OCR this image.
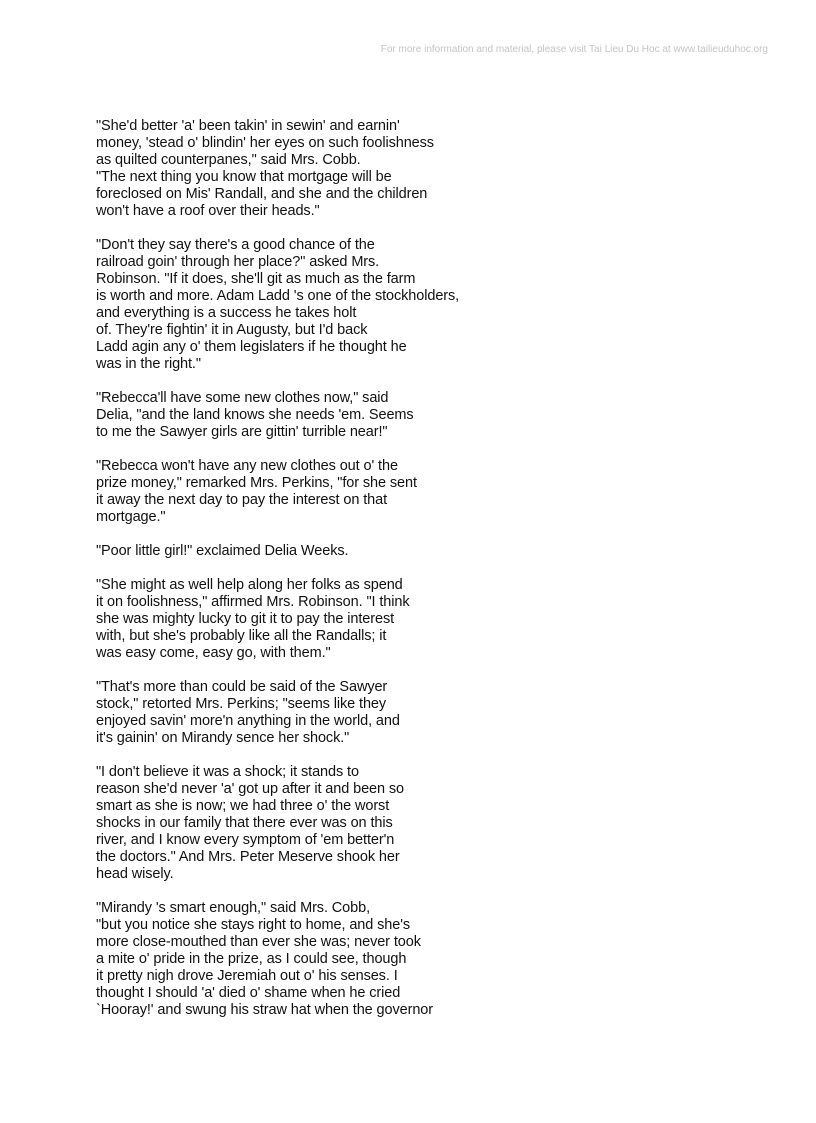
For more information and material, please visit Tai Lieu Du Hoc at www.tailieuduhoc.org

"She'd better 'a' been takin' in sewin' and earnin'
money, 'stead o' blindin' her eyes on such foolishness
as quilted counterpanes," said Mrs. Cobb.
"The next thing you know that mortgage will be
foreclosed on Mis' Randall, and she and the children
won't have a roof over their heads."

"Don't they say there's a good chance of the
railroad goin' through her place?" asked Mrs.
Robinson. "If it does, she'll git as much as the farm
is worth and more. Adam Ladd 's one of the stockholders,
and everything is a success he takes holt
of. They're fightin' it in Augusty, but I'd back
Ladd agin any o' them legislaters if he thought he
was in the right."

"Rebecca'll have some new clothes now," said
Delia, "and the land knows she needs 'em. Seems
to me the Sawyer girls are gittin' turrible near!"

"Rebecca won't have any new clothes out o' the
prize money," remarked Mrs. Perkins, "for she sent
it away the next day to pay the interest on that
mortgage."

"Poor little girl!" exclaimed Delia Weeks.

"She might as well help along her folks as spend
it on foolishness," affirmed Mrs. Robinson. "I think
she was mighty lucky to git it to pay the interest
with, but she's probably like all the Randalls; it
was easy come, easy go, with them."

"That's more than could be said of the Sawyer
stock," retorted Mrs. Perkins; "seems like they
enjoyed savin' more'n anything in the world, and
it's gainin' on Mirandy sence her shock."

"I don't believe it was a shock; it stands to
reason she'd never 'a' got up after it and been so
smart as she is now; we had three o' the worst
shocks in our family that there ever was on this
river, and I know every symptom of 'em better'n
the doctors." And Mrs. Peter Meserve shook her
head wisely.

"Mirandy 's smart enough," said Mrs. Cobb,
"but you notice she stays right to home, and she's
more close-mouthed than ever she was; never took
a mite o' pride in the prize, as I could see, though
it pretty nigh drove Jeremiah out o' his senses. I
thought I should 'a' died o' shame when he cried
`Hooray!' and swung his straw hat when the governor
